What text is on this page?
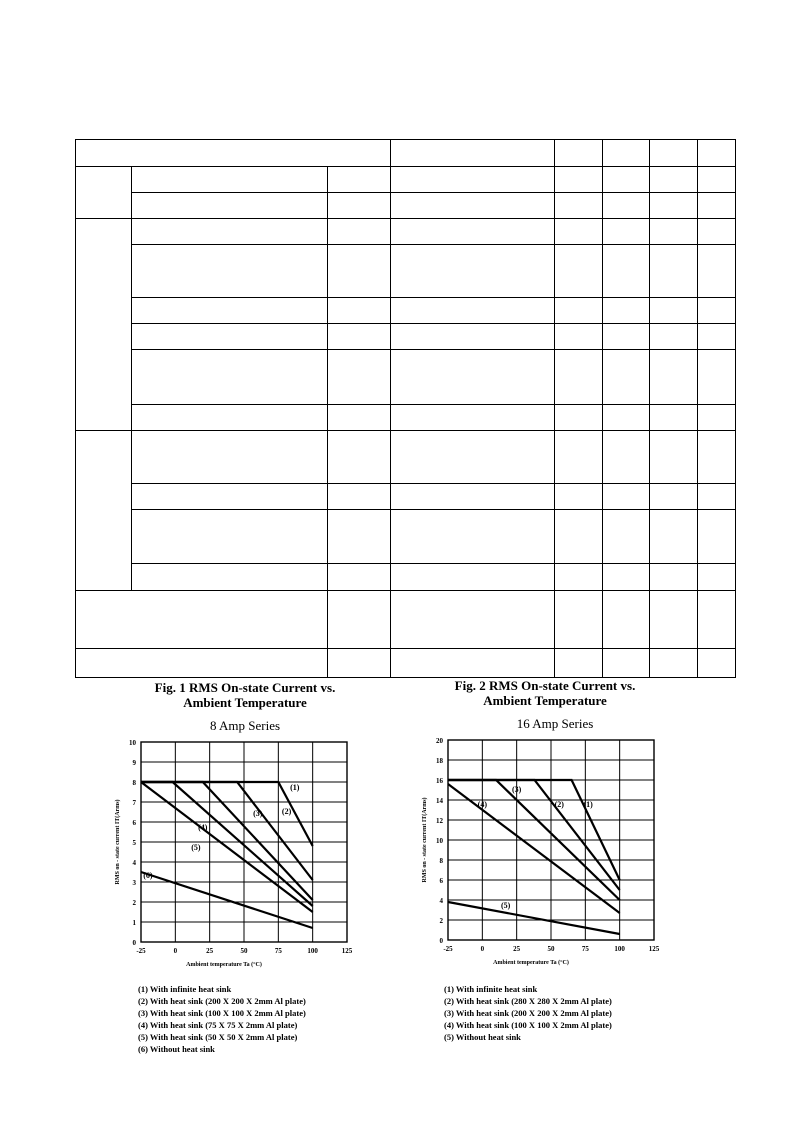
Fig. 1 RMS On-state Current vs.
Ambient Temperature
8 Amp Series
-25	0	25	50	75	100	125
0
1
2
3
4
5
6
7
8
9
10
Ambient temperature Ta (°C)
RMS on - state current IT(Arms)
(1)
(2)
(3)
(4)
(5)
(6)
(1) With infinite heat sink
(2) With heat sink (200 X 200 X 2mm Al plate)
(3) With heat sink (100 X 100 X 2mm Al plate)
(4) With heat sink (75 X 75 X 2mm Al plate)
(5) With heat sink (50 X 50 X 2mm Al plate)
(6) Without heat sink
Fig. 2 RMS On-state Current vs.
Ambient Temperature
16 Amp Series
-25	0	25	50	75	100	125
0
2
4
6
8
10
12
14
16
18
20
Ambient temperature Ta (°C)
RMS on - state current IT(Arms)	(1)
(2)
(3)
(4)
(5)
(1) With infinite heat sink
(2) With heat sink (280 X 280 X 2mm Al plate)
(3) With heat sink (200 X 200 X 2mm Al plate)
(4) With heat sink (100 X 100 X 2mm Al plate)
(5) Without heat sink
